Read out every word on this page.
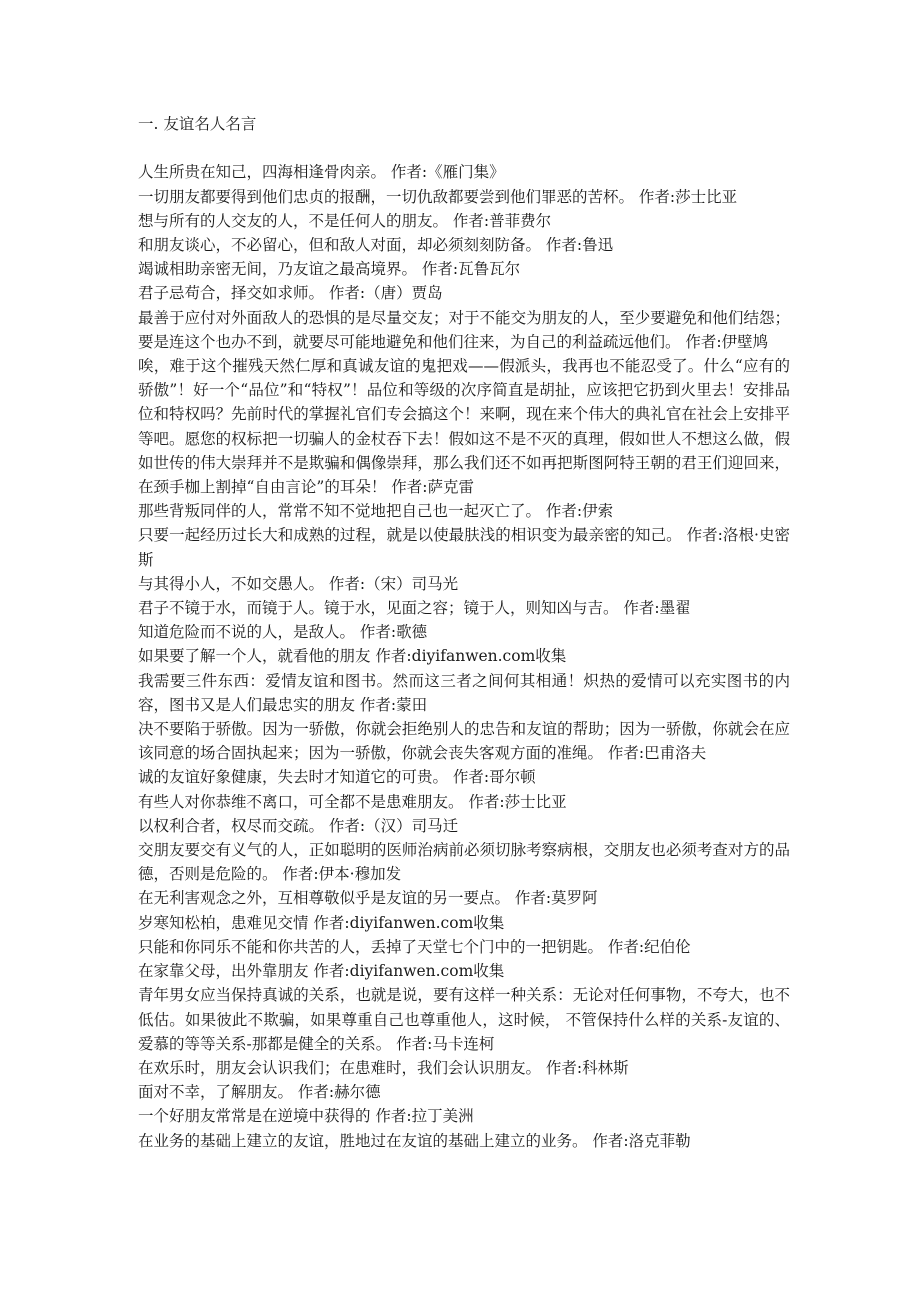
一. 友谊名人名言

人生所贵在知己，四海相逢骨肉亲。 作者:《雁门集》

一切朋友都要得到他们忠贞的报酬，一切仇敌都要尝到他们罪恶的苦杯。 作者:莎士比亚

想与所有的人交友的人，不是任何人的朋友。 作者:普菲费尔

和朋友谈心，不必留心，但和敌人对面，却必须刻刻防备。 作者:鲁迅

竭诚相助亲密无间，乃友谊之最高境界。 作者:瓦鲁瓦尔

君子忌苟合，择交如求师。 作者:（唐）贾岛

最善于应付对外面敌人的恐惧的是尽量交友；对于不能交为朋友的人，至少要避免和他们结怨；要是连这个也办不到，就要尽可能地避免和他们往来，为自己的利益疏远他们。 作者:伊壁鸠

唉，难于这个摧残天然仁厚和真诚友谊的鬼把戏——假派头，我再也不能忍受了。什么“应有的骄傲”！好一个“品位”和“特权”！品位和等级的次序简直是胡扯，应该把它扔到火里去！安排品位和特权吗？先前时代的掌握礼官们专会搞这个！来啊，现在来个伟大的典礼官在社会上安排平等吧。愿您的权标把一切骗人的金杖吞下去！假如这不是不灭的真理，假如世人不想这么做，假如世传的伟大崇拜并不是欺骗和偶像崇拜，那么我们还不如再把斯图阿特王朝的君王们迎回来，在颈手枷上割掉“自由言论”的耳朵！ 作者:萨克雷

那些背叛同伴的人，常常不知不觉地把自己也一起灭亡了。 作者:伊索

只要一起经历过长大和成熟的过程，就是以使最肤浅的相识变为最亲密的知己。 作者:洛根·史密斯

与其得小人，不如交愚人。 作者:（宋）司马光

君子不镜于水，而镜于人。镜于水，见面之容；镜于人，则知凶与吉。 作者:墨翟

知道危险而不说的人，是敌人。 作者:歌德

如果要了解一个人，就看他的朋友 作者:diyifanwen.com收集

我需要三件东西：爱情友谊和图书。然而这三者之间何其相通！炽热的爱情可以充实图书的内容，图书又是人们最忠实的朋友 作者:蒙田

决不要陷于骄傲。因为一骄傲，你就会拒绝别人的忠告和友谊的帮助；因为一骄傲，你就会在应该同意的场合固执起来；因为一骄傲，你就会丧失客观方面的准绳。 作者:巴甫洛夫

诚的友谊好象健康，失去时才知道它的可贵。 作者:哥尔顿

有些人对你恭维不离口，可全都不是患难朋友。 作者:莎士比亚

以权利合者，权尽而交疏。 作者:（汉）司马迁

交朋友要交有义气的人，正如聪明的医师治病前必须切脉考察病根，交朋友也必须考查对方的品德，否则是危险的。 作者:伊本·穆加发

在无利害观念之外，互相尊敬似乎是友谊的另一要点。 作者:莫罗阿

岁寒知松柏，患难见交情 作者:diyifanwen.com收集

只能和你同乐不能和你共苦的人，丢掉了天堂七个门中的一把钥匙。 作者:纪伯伦

在家靠父母，出外靠朋友 作者:diyifanwen.com收集

青年男女应当保持真诚的关系，也就是说，要有这样一种关系：无论对任何事物，不夸大，也不低估。如果彼此不欺骗，如果尊重自己也尊重他人，这时候， 不管保持什么样的关系-友谊的、爱慕的等等关系-那都是健全的关系。 作者:马卡连柯

在欢乐时，朋友会认识我们；在患难时，我们会认识朋友。 作者:科林斯

面对不幸，了解朋友。 作者:赫尔德

一个好朋友常常是在逆境中获得的 作者:拉丁美洲

在业务的基础上建立的友谊，胜地过在友谊的基础上建立的业务。 作者:洛克菲勒
